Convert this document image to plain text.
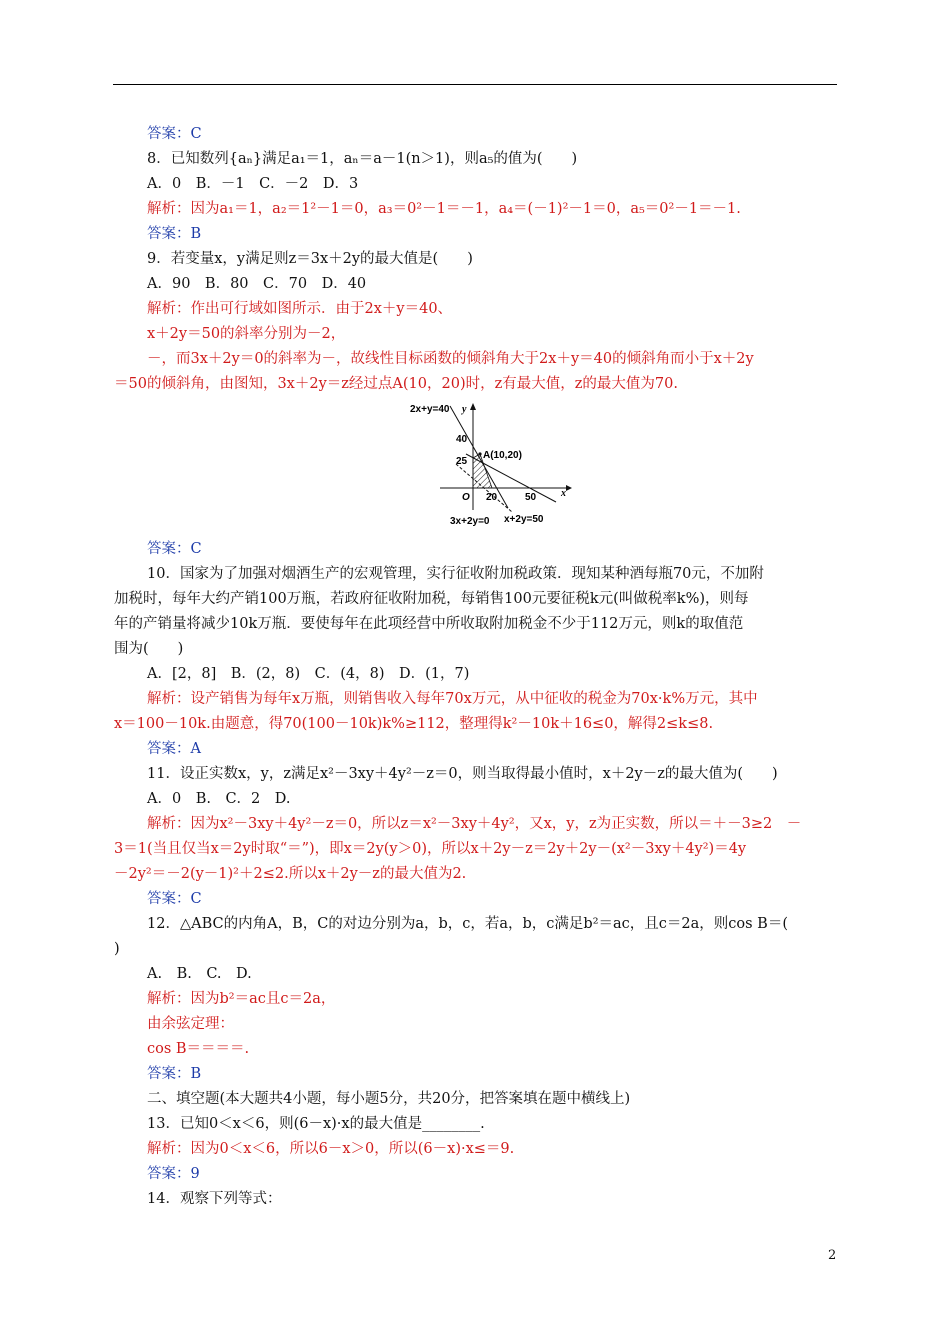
答案：C
8．已知数列{aₙ}满足a₁＝1，aₙ＝a－1(n＞1)，则a₅的值为(　　)
A．0　B．－1　C．－2　D．3
解析：因为a₁＝1，a₂＝1²－1＝0，a₃＝0²－1＝－1，a₄＝(－1)²－1＝0，a₅＝0²－1＝－1.
答案：B
9．若变量x，y满足则z＝3x＋2y的最大值是(　　)
A．90　B．80　C．70　D．40
解析：作出可行域如图所示．由于2x＋y＝40、
x＋2y＝50的斜率分别为－2，
－，而3x＋2y＝0的斜率为－，故线性目标函数的倾斜角大于2x＋y＝40的倾斜角而小于x＋2y
＝50的倾斜角，由图知，3x＋2y＝z经过点A(10，20)时，z有最大值，z的最大值为70.
答案：C
10．国家为了加强对烟酒生产的宏观管理，实行征收附加税政策．现知某种酒每瓶70元，不加附
加税时，每年大约产销100万瓶，若政府征收附加税，每销售100元要征税k元(叫做税率k%)，则每
年的产销量将减少10k万瓶．要使每年在此项经营中所收取附加税金不少于112万元，则k的取值范
围为(　　)
A．[2，8]　B．(2，8)　C．(4，8)　D．(1，7)
解析：设产销售为每年x万瓶，则销售收入每年70x万元，从中征收的税金为70x·k%万元，其中
x＝100－10k.由题意，得70(100－10k)k%≥112，整理得k²－10k＋16≤0，解得2≤k≤8.
答案：A
11．设正实数x，y，z满足x²－3xy＋4y²－z＝0，则当取得最小值时，x＋2y－z的最大值为(　　)
A．0　B.　C．2　D.
解析：因为x²－3xy＋4y²－z＝0，所以z＝x²－3xy＋4y²，又x，y，z为正实数，所以＝＋－3≥2　－
3＝1(当且仅当x＝2y时取“＝”)，即x＝2y(y＞0)，所以x＋2y－z＝2y＋2y－(x²－3xy＋4y²)＝4y
－2y²＝－2(y－1)²＋2≤2.所以x＋2y－z的最大值为2.
答案：C
12．△ABC的内角A，B，C的对边分别为a，b，c，若a，b，c满足b²＝ac，且c＝2a，则cos B＝(
)
A.　B.　C.　D.
解析：因为b²＝ac且c＝2a，
由余弦定理：
cos B＝＝＝＝.
答案：B
二、填空题(本大题共4小题，每小题5分，共20分，把答案填在题中横线上)
13．已知0＜x＜6，则(6－x)·x的最大值是________.
解析：因为0＜x＜6，所以6－x＞0，所以(6－x)·x≤＝9.
答案：9
14．观察下列等式：
2x+y=40 y
x
O
40
25
20	50
A(10,20)
3x+2y=0 x+2y=50
2
